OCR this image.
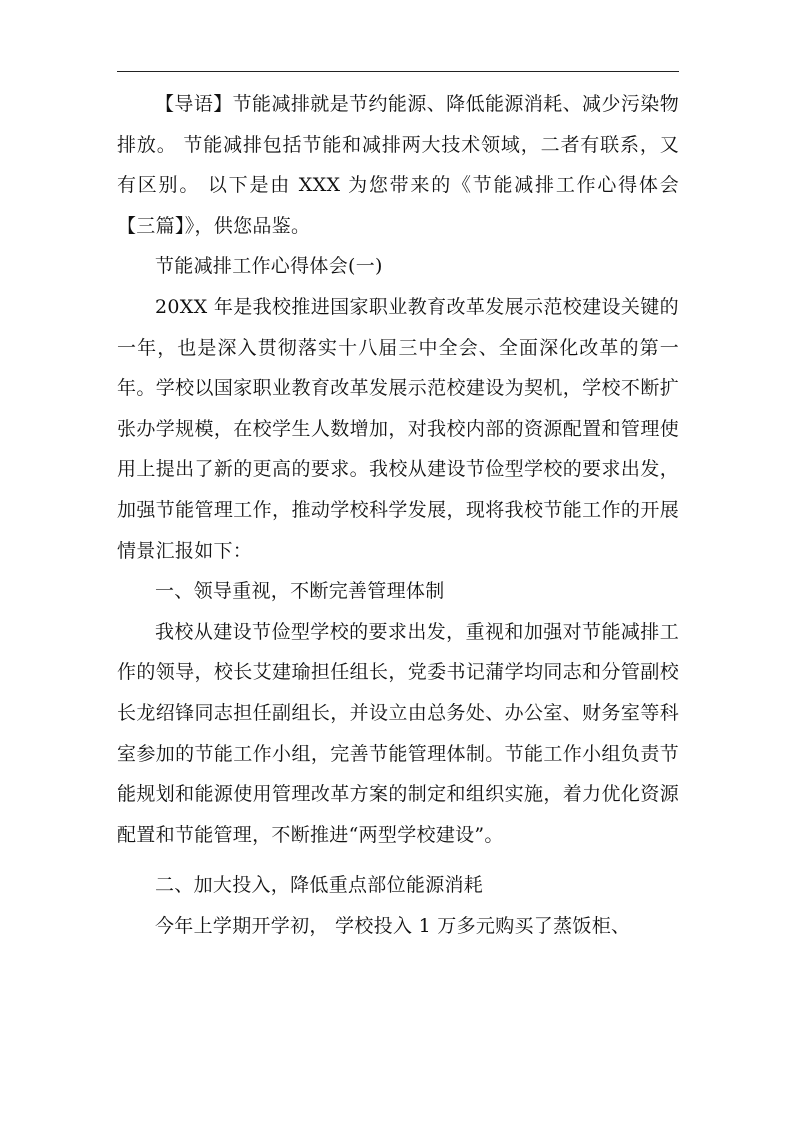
【导语】节能减排就是节约能源、降低能源消耗、减少污染物排放。 节能减排包括节能和减排两大技术领域，二者有联系，又有区别。 以下是由 XXX 为您带来的《节能减排工作心得体会【三篇】》，供您品鉴。

节能减排工作心得体会(一)

20XX 年是我校推进国家职业教育改革发展示范校建设关键的一年，也是深入贯彻落实十八届三中全会、全面深化改革的第一年。学校以国家职业教育改革发展示范校建设为契机，学校不断扩张办学规模，在校学生人数增加，对我校内部的资源配置和管理使用上提出了新的更高的要求。我校从建设节俭型学校的要求出发，加强节能管理工作，推动学校科学发展，现将我校节能工作的开展情景汇报如下：

一、领导重视，不断完善管理体制

我校从建设节俭型学校的要求出发，重视和加强对节能减排工作的领导，校长艾建瑜担任组长，党委书记蒲学均同志和分管副校长龙绍锋同志担任副组长，并设立由总务处、办公室、财务室等科室参加的节能工作小组，完善节能管理体制。节能工作小组负责节能规划和能源使用管理改革方案的制定和组织实施，着力优化资源配置和节能管理，不断推进“两型学校建设”。

二、加大投入，降低重点部位能源消耗

今年上学期开学初， 学校投入 1 万多元购买了蒸饭柜、
